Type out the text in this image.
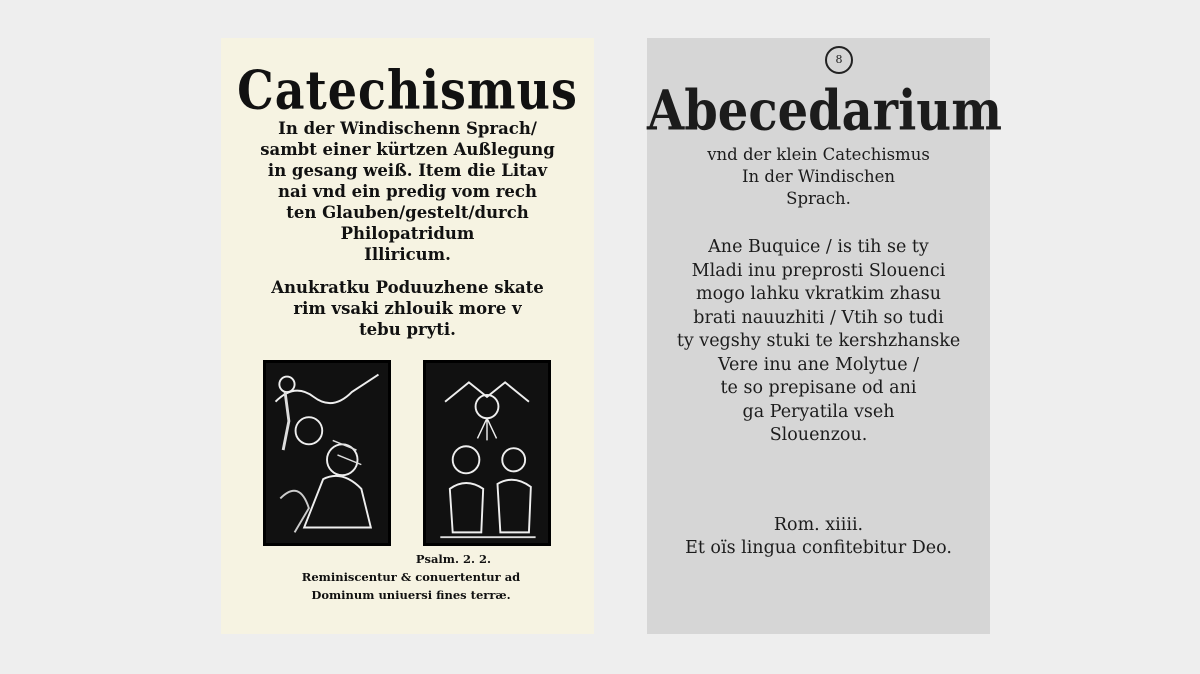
Catechismus
In der Windischenn Sprach/
sambt einer kürtzen Außlegung
in gesang weiß. Item die Litav
nai vnd ein predig vom rech
ten Glauben/gestelt/durch
Philopatridum
Illiricum.
Anukratku Poduuzhene skate
rim vsaki zhlouik more v
tebu pryti.
Psalm. 2. 2.
Reminiscentur & conuertentur ad
Dominum uniuersi fines terræ.
8
Abecedarium
vnd der klein Catechismus
In der Windischen
Sprach.
Ane Buquice / is tih se ty
Mladi inu preprosti Slouenci
mogo lahku vkratkim zhasu
brati nauuzhiti / Vtih so tudi
ty vegshy stuki te kershzhanske
Vere inu ane Molytue /
te so prepisane od ani
ga Peryatila vseh
Slouenzou.
Rom. xiiii.
Et oïs lingua confitebitur Deo.
